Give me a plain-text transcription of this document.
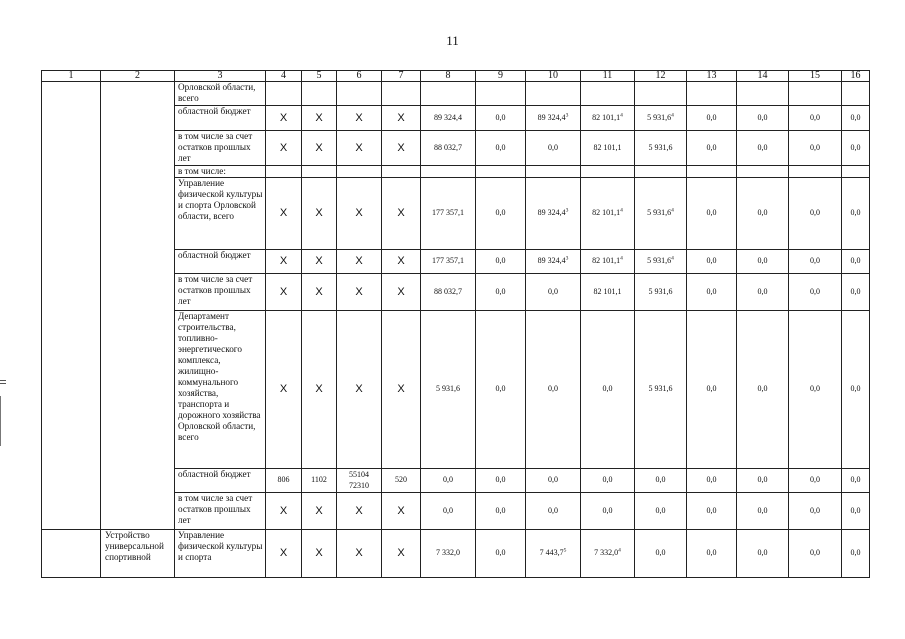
11
1	2	3	4	5	6	7	8	9	10	11	12	13	14	15	16
		Орловской области, всего													
		областной бюджет	Х	Х	Х	Х	89 324,4	0,0	89 324,4$^3$	82 101,1$^4$	5 931,6$^4$	0,0	0,0	0,0	0,0
		в том числе за счет остатков прошлых лет	Х	Х	Х	Х	88 032,7	0,0	0,0	82 101,1	5 931,6	0,0	0,0	0,0	0,0
		в том числе:													
		Управление физической культуры и спорта Орловской области, всего	Х	Х	Х	Х	177 357,1	0,0	89 324,4$^3$	82 101,1$^4$	5 931,6$^4$	0,0	0,0	0,0	0,0
		областной бюджет	Х	Х	Х	Х	177 357,1	0,0	89 324,4$^3$	82 101,1$^4$	5 931,6$^4$	0,0	0,0	0,0	0,0
		в том числе за счет остатков прошлых лет	Х	Х	Х	Х	88 032,7	0,0	0,0	82 101,1	5 931,6	0,0	0,0	0,0	0,0
		Департамент строительства, топливно-энергетического комплекса, жилищно-коммунального хозяйства, транспорта и дорожного хозяйства Орловской области, всего	Х	Х	Х	Х	5 931,6	0,0	0,0	0,0	5 931,6	0,0	0,0	0,0	0,0
		областной бюджет	806	1102	55104 72310	520	0,0	0,0	0,0	0,0	0,0	0,0	0,0	0,0	0,0
		в том числе за счет остатков прошлых лет	Х	Х	Х	Х	0,0	0,0	0,0	0,0	0,0	0,0	0,0	0,0	0,0
	Устройство универсальной спортивной	Управление физической культуры и спорта	Х	Х	Х	Х	7 332,0	0,0	7 443,7$^5$	7 332,0$^4$	0,0	0,0	0,0	0,0	0,0
